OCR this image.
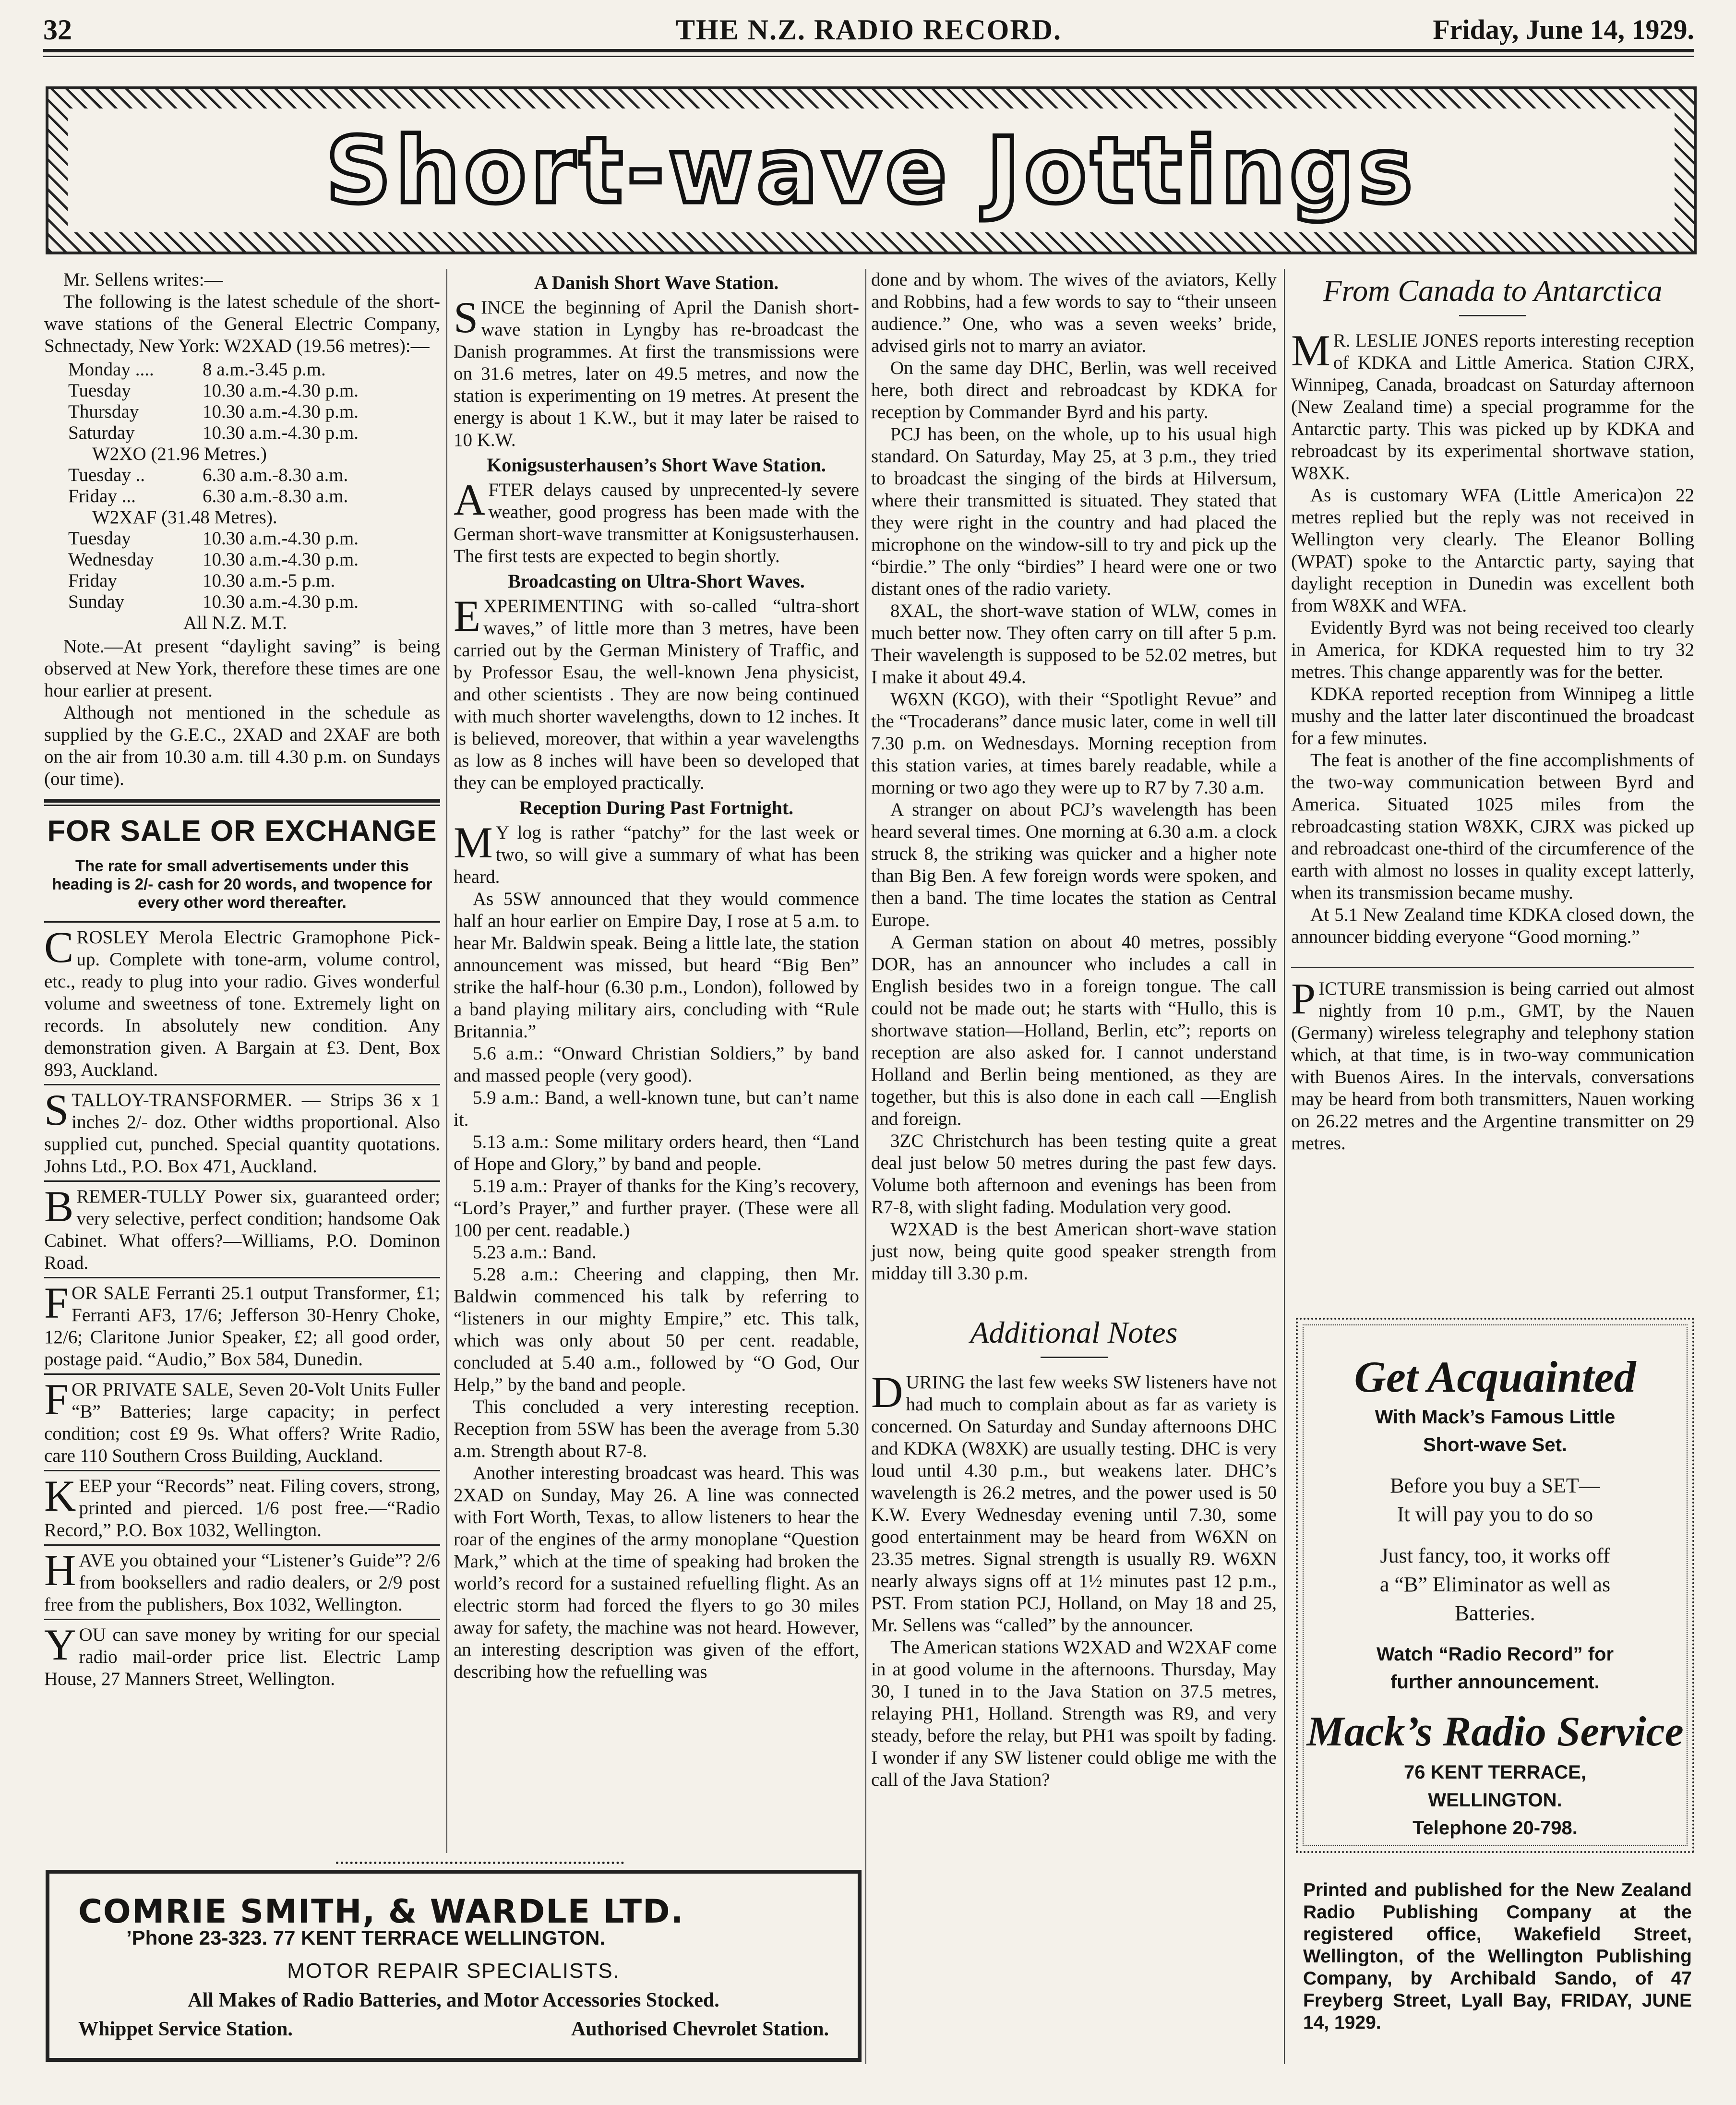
32	THE N.Z. RADIO RECORD.	Friday, June 14, 1929.
Short-wave Jottings

Mr. Sellens writes:—

The following is the latest schedule of the short-wave stations of the General Electric Company, Schnectady, New York: W2XAD (19.56 metres):—

Monday ....	8 a.m.-3.45 p.m.
Tuesday	10.30 a.m.-4.30 p.m.
Thursday	10.30 a.m.-4.30 p.m.
Saturday	10.30 a.m.-4.30 p.m.
W2XO (21.96 Metres.)
Tuesday ..	6.30 a.m.-8.30 a.m.
Friday ...	6.30 a.m.-8.30 a.m.
W2XAF (31.48 Metres).
Tuesday	10.30 a.m.-4.30 p.m.
Wednesday	10.30 a.m.-4.30 p.m.
Friday	10.30 a.m.-5 p.m.
Sunday	10.30 a.m.-4.30 p.m.
All N.Z. M.T.

Note.—At present “daylight saving” is being observed at New York, therefore these times are one hour earlier at present.

Although not mentioned in the schedule as supplied by the G.E.C., 2XAD and 2XAF are both on the air from 10.30 a.m. till 4.30 p.m. on Sundays (our time).

FOR SALE OR EXCHANGE
The rate for small advertisements under this heading is 2/- cash for 20 words, and twopence for every other word thereafter.

CROSLEY Merola Electric Gramophone Pick-up. Complete with tone-arm, volume control, etc., ready to plug into your radio. Gives wonderful volume and sweetness of tone. Extremely light on records. In absolutely new condition. Any demonstration given. A Bargain at £3. Dent, Box 893, Auckland.

STALLOY-TRANSFORMER. — Strips 36 x 1 inches 2/- doz. Other widths proportional. Also supplied cut, punched. Special quantity quotations. Johns Ltd., P.O. Box 471, Auckland.

BREMER-TULLY Power six, guaranteed order; very selective, perfect condition; handsome Oak Cabinet. What offers?—Williams, P.O. Dominon Road.

FOR SALE Ferranti 25.1 output Transformer, £1; Ferranti AF3, 17/6; Jefferson 30-Henry Choke, 12/6; Claritone Junior Speaker, £2; all good order, postage paid. “Audio,” Box 584, Dunedin.

FOR PRIVATE SALE, Seven 20-Volt Units Fuller “B” Batteries; large capacity; in perfect condition; cost £9 9s. What offers? Write Radio, care 110 Southern Cross Building, Auckland.

KEEP your “Records” neat. Filing covers, strong, printed and pierced. 1/6 post free.—“Radio Record,” P.O. Box 1032, Wellington.

HAVE you obtained your “Listener’s Guide”? 2/6 from booksellers and radio dealers, or 2/9 post free from the publishers, Box 1032, Wellington.

YOU can save money by writing for our special radio mail-order price list. Electric Lamp House, 27 Manners Street, Wellington.

A Danish Short Wave Station.

SINCE the beginning of April the Danish short-wave station in Lyngby has re-broadcast the Danish programmes. At first the transmissions were on 31.6 metres, later on 49.5 metres, and now the station is experimenting on 19 metres. At present the energy is about 1 K.W., but it may later be raised to 10 K.W.

Konigsusterhausen’s Short Wave Station.

AFTER delays caused by unprecented-ly severe weather, good progress has been made with the German short-wave transmitter at Konigsusterhausen. The first tests are expected to begin shortly.

Broadcasting on Ultra-Short Waves.

EXPERIMENTING with so-called “ultra-short waves,” of little more than 3 metres, have been carried out by the German Ministery of Traffic, and by Professor Esau, the well-known Jena physicist, and other scientists . They are now being continued with much shorter wavelengths, down to 12 inches. It is believed, moreover, that within a year wavelengths as low as 8 inches will have been so developed that they can be employed practically.

Reception During Past Fortnight.

MY log is rather “patchy” for the last week or two, so will give a summary of what has been heard.

As 5SW announced that they would commence half an hour earlier on Empire Day, I rose at 5 a.m. to hear Mr. Baldwin speak. Being a little late, the station announcement was missed, but heard “Big Ben” strike the half-hour (6.30 p.m., London), followed by a band playing military airs, concluding with “Rule Britannia.”

5.6 a.m.: “Onward Christian Soldiers,” by band and massed people (very good).

5.9 a.m.: Band, a well-known tune, but can’t name it.

5.13 a.m.: Some military orders heard, then “Land of Hope and Glory,” by band and people.

5.19 a.m.: Prayer of thanks for the King’s recovery, “Lord’s Prayer,” and further prayer. (These were all 100 per cent. readable.)

5.23 a.m.: Band.

5.28 a.m.: Cheering and clapping, then Mr. Baldwin commenced his talk by referring to “listeners in our mighty Empire,” etc. This talk, which was only about 50 per cent. readable, concluded at 5.40 a.m., followed by “O God, Our Help,” by the band and people.

This concluded a very interesting reception. Reception from 5SW has been the average from 5.30 a.m. Strength about R7-8.

Another interesting broadcast was heard. This was 2XAD on Sunday, May 26. A line was connected with Fort Worth, Texas, to allow listeners to hear the roar of the engines of the army monoplane “Question Mark,” which at the time of speaking had broken the world’s record for a sustained refuelling flight. As an electric storm had forced the flyers to go 30 miles away for safety, the machine was not heard. However, an interesting description was given of the effort, describing how the refuelling was

done and by whom. The wives of the aviators, Kelly and Robbins, had a few words to say to “their unseen audience.” One, who was a seven weeks’ bride, advised girls not to marry an aviator.

On the same day DHC, Berlin, was well received here, both direct and rebroadcast by KDKA for reception by Commander Byrd and his party.

PCJ has been, on the whole, up to his usual high standard. On Saturday, May 25, at 3 p.m., they tried to broadcast the singing of the birds at Hilversum, where their transmitted is situated. They stated that they were right in the country and had placed the microphone on the window-sill to try and pick up the “birdie.” The only “birdies” I heard were one or two distant ones of the radio variety.

8XAL, the short-wave station of WLW, comes in much better now. They often carry on till after 5 p.m. Their wavelength is supposed to be 52.02 metres, but I make it about 49.4.

W6XN (KGO), with their “Spotlight Revue” and the “Trocaderans” dance music later, come in well till 7.30 p.m. on Wednesdays. Morning reception from this station varies, at times barely readable, while a morning or two ago they were up to R7 by 7.30 a.m.

A stranger on about PCJ’s wavelength has been heard several times. One morning at 6.30 a.m. a clock struck 8, the striking was quicker and a higher note than Big Ben. A few foreign words were spoken, and then a band. The time locates the station as Central Europe.

A German station on about 40 metres, possibly DOR, has an announcer who includes a call in English besides two in a foreign tongue. The call could not be made out; he starts with “Hullo, this is shortwave station—Holland, Berlin, etc”; reports on reception are also asked for. I cannot understand Holland and Berlin being mentioned, as they are together, but this is also done in each call —English and foreign.

3ZC Christchurch has been testing quite a great deal just below 50 metres during the past few days. Volume both afternoon and evenings has been from R7-8, with slight fading. Modulation very good.

W2XAD is the best American short-wave station just now, being quite good speaker strength from midday till 3.30 p.m.

Additional Notes

DURING the last few weeks SW listeners have not had much to complain about as far as variety is concerned. On Saturday and Sunday afternoons DHC and KDKA (W8XK) are usually testing. DHC is very loud until 4.30 p.m., but weakens later. DHC’s wavelength is 26.2 metres, and the power used is 50 K.W. Every Wednesday evening until 7.30, some good entertainment may be heard from W6XN on 23.35 metres. Signal strength is usually R9. W6XN nearly always signs off at 1½ minutes past 12 p.m., PST. From station PCJ, Holland, on May 18 and 25, Mr. Sellens was “called” by the announcer.

The American stations W2XAD and W2XAF come in at good volume in the afternoons. Thursday, May 30, I tuned in to the Java Station on 37.5 metres, relaying PH1, Holland. Strength was R9, and very steady, before the relay, but PH1 was spoilt by fading. I wonder if any SW listener could oblige me with the call of the Java Station?

From Canada to Antarctica

MR. LESLIE JONES reports interesting reception of KDKA and Little America. Station CJRX, Winnipeg, Canada, broadcast on Saturday afternoon (New Zealand time) a special programme for the Antarctic party. This was picked up by KDKA and rebroadcast by its experimental shortwave station, W8XK.

As is customary WFA (Little America)on 22 metres replied but the reply was not received in Wellington very clearly. The Eleanor Bolling (WPAT) spoke to the Antarctic party, saying that daylight reception in Dunedin was excellent both from W8XK and WFA.

Evidently Byrd was not being received too clearly in America, for KDKA requested him to try 32 metres. This change apparently was for the better.

KDKA reported reception from Winnipeg a little mushy and the latter later discontinued the broadcast for a few minutes.

The feat is another of the fine accomplishments of the two-way communication between Byrd and America. Situated 1025 miles from the rebroadcasting station W8XK, CJRX was picked up and rebroadcast one-third of the circumference of the earth with almost no losses in quality except latterly, when its transmission became mushy.

At 5.1 New Zealand time KDKA closed down, the announcer bidding everyone “Good morning.”

PICTURE transmission is being carried out almost nightly from 10 p.m., GMT, by the Nauen (Germany) wireless telegraphy and telephony station which, at that time, is in two-way communication with Buenos Aires. In the intervals, conversations may be heard from both transmitters, Nauen working on 26.22 metres and the Argentine transmitter on 29 metres.

Get Acquainted
With Mack’s Famous Little
Short-wave Set.
Before you buy a SET—
It will pay you to do so
Just fancy, too, it works off
a “B” Eliminator as well as
Batteries.
Watch “Radio Record” for
further announcement.
Mack’s Radio Service
76 KENT TERRACE,
WELLINGTON.
Telephone 20-798.
Printed and published for the New Zealand Radio Publishing Company at the registered office, Wakefield Street, Wellington, of the Wellington Publishing Company, by Archibald Sando, of 47 Freyberg Street, Lyall Bay, FRIDAY, JUNE 14, 1929.
COMRIE SMITH, & WARDLE LTD.
’Phone 23-323. 77 KENT TERRACE WELLINGTON.
MOTOR REPAIR SPECIALISTS.
All Makes of Radio Batteries, and Motor Accessories Stocked.
Whippet Service Station.	Authorised Chevrolet Station.
